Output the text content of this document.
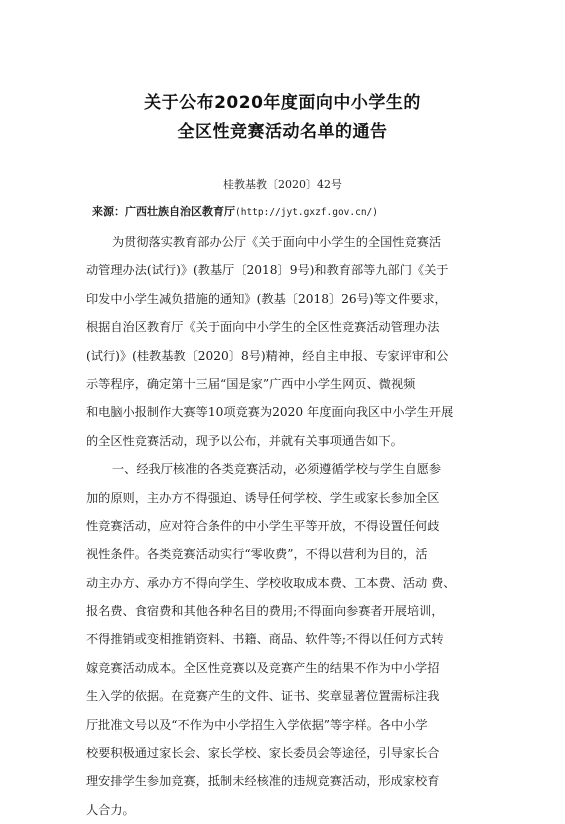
关于公布2020年度面向中小学生的
全区性竞赛活动名单的通告
桂教基教〔2020〕42号
来源：广西壮族自治区教育厅(http://jyt.gxzf.gov.cn/)
为贯彻落实教育部办公厅《关于面向中小学生的全国性竞赛活
动管理办法(试行)》(教基厅〔2018〕9号)和教育部等九部门《关于
印发中小学生减负措施的通知》(教基〔2018〕26号)等文件要求，
根据自治区教育厅《关于面向中小学生的全区性竞赛活动管理办法
(试行)》(桂教基教〔2020〕8号)精神，经自主申报、专家评审和公
示等程序，确定第十三届“国是家”广西中小学生网页、微视频
和电脑小报制作大赛等10项竞赛为2020 年度面向我区中小学生开展
的全区性竞赛活动，现予以公布，并就有关事项通告如下。
一、经我厅核准的各类竞赛活动，必须遵循学校与学生自愿参
加的原则，主办方不得强迫、诱导任何学校、学生或家长参加全区
性竞赛活动，应对符合条件的中小学生平等开放，不得设置任何歧
视性条件。各类竞赛活动实行“零收费”，不得以营利为目的，活
动主办方、承办方不得向学生、学校收取成本费、工本费、活动 费、
报名费、食宿费和其他各种名目的费用;不得面向参赛者开展培训，
不得推销或变相推销资料、书籍、商品、软件等;不得以任何方式转
嫁竞赛活动成本。全区性竞赛以及竞赛产生的结果不作为中小学招
生入学的依据。在竞赛产生的文件、证书、奖章显著位置需标注我
厅批准文号以及“不作为中小学招生入学依据”等字样。各中小学
校要积极通过家长会、家长学校、家长委员会等途径，引导家长合
理安排学生参加竞赛，抵制未经核准的违规竞赛活动，形成家校育
人合力。
